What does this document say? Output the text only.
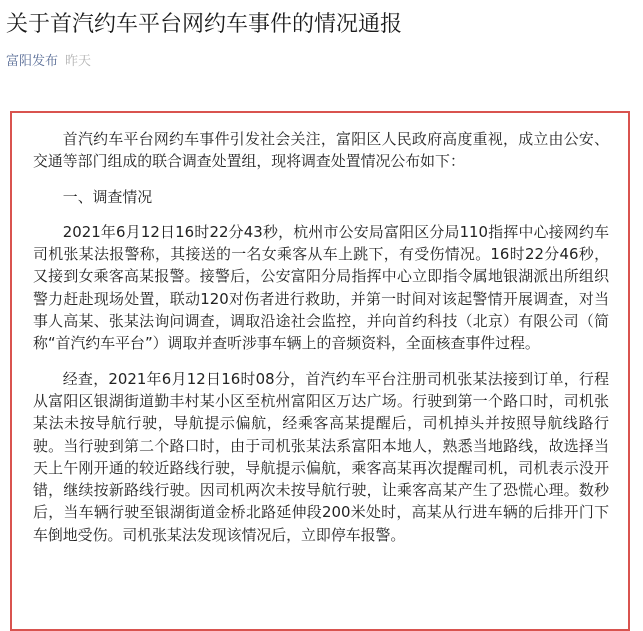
关于首汽约车平台网约车事件的情况通报
富阳发布 昨天

首汽约车平台网约车事件引发社会关注，富阳区人民政府高度重视，成立由公安、交通等部门组成的联合调查处置组，现将调查处置情况公布如下：

一、调查情况

2021年6月12日16时22分43秒，杭州市公安局富阳区分局110指挥中心接网约车司机张某法报警称，其接送的一名女乘客从车上跳下，有受伤情况。16时22分46秒，又接到女乘客高某报警。接警后，公安富阳分局指挥中心立即指令属地银湖派出所组织警力赶赴现场处置，联动120对伤者进行救助，并第一时间对该起警情开展调查，对当事人高某、张某法询问调查，调取沿途社会监控，并向首约科技（北京）有限公司（简称“首汽约车平台”）调取并查听涉事车辆上的音频资料，全面核查事件过程。

经查，2021年6月12日16时08分，首汽约车平台注册司机张某法接到订单，行程从富阳区银湖街道勤丰村某小区至杭州富阳区万达广场。行驶到第一个路口时，司机张某法未按导航行驶，导航提示偏航，经乘客高某提醒后，司机掉头并按照导航线路行驶。当行驶到第二个路口时，由于司机张某法系富阳本地人，熟悉当地路线，故选择当天上午刚开通的较近路线行驶，导航提示偏航，乘客高某再次提醒司机，司机表示没开错，继续按新路线行驶。因司机两次未按导航行驶，让乘客高某产生了恐慌心理。数秒后，当车辆行驶至银湖街道金桥北路延伸段200米处时，高某从行进车辆的后排开门下车倒地受伤。司机张某法发现该情况后，立即停车报警。
